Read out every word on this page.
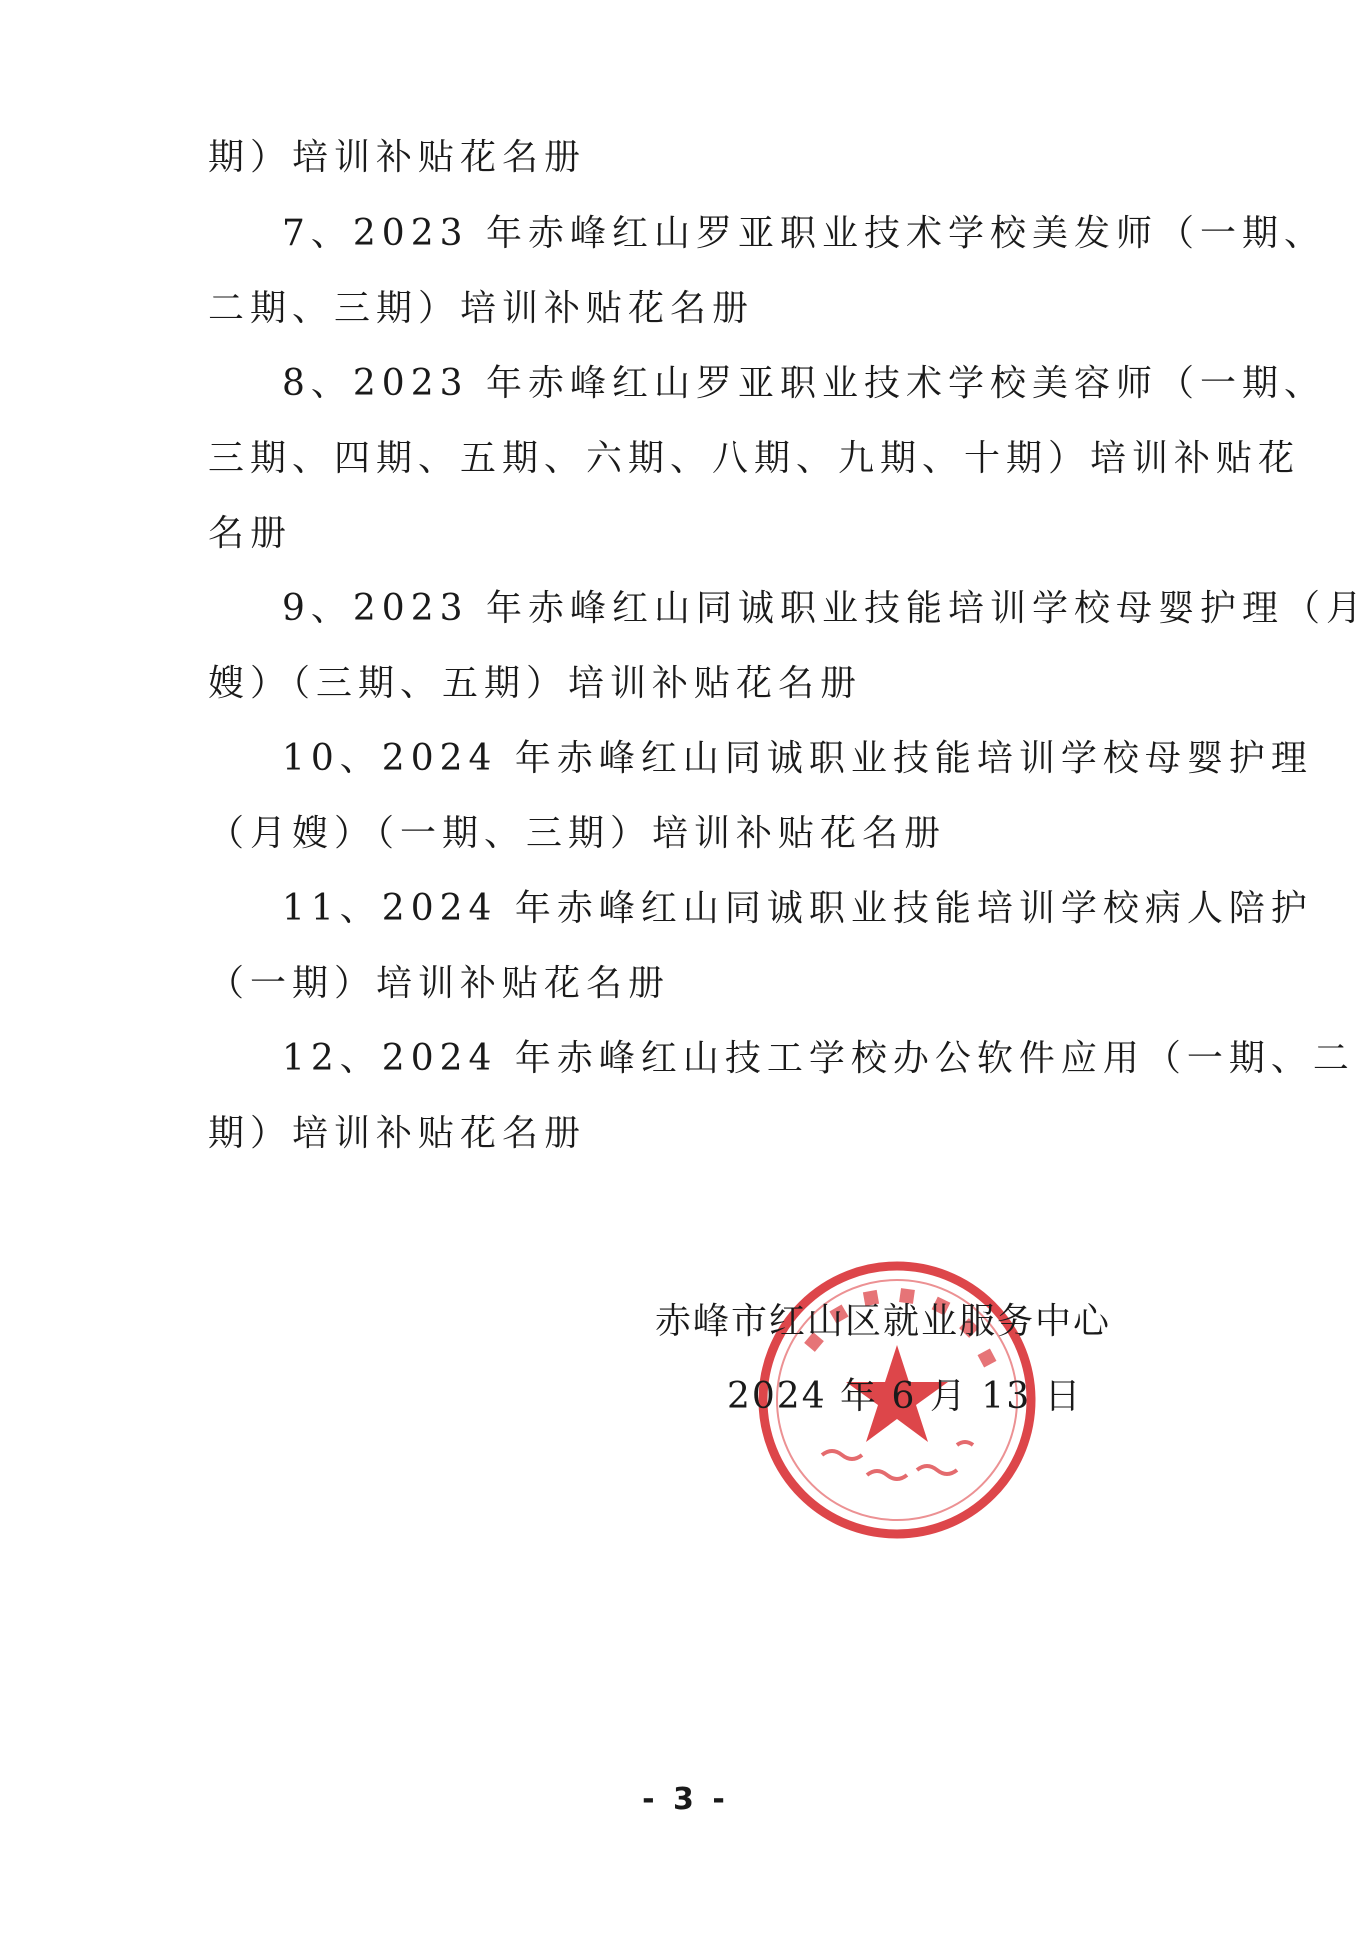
期）培训补贴花名册
7、2023 年赤峰红山罗亚职业技术学校美发师（一期、
二期、三期）培训补贴花名册
8、2023 年赤峰红山罗亚职业技术学校美容师（一期、
三期、四期、五期、六期、八期、九期、十期）培训补贴花
名册
9、2023 年赤峰红山同诚职业技能培训学校母婴护理（月
嫂）（三期、五期）培训补贴花名册
10、2024 年赤峰红山同诚职业技能培训学校母婴护理
（月嫂）（一期、三期）培训补贴花名册
11、2024 年赤峰红山同诚职业技能培训学校病人陪护
（一期）培训补贴花名册
12、2024 年赤峰红山技工学校办公软件应用（一期、二
期）培训补贴花名册
赤峰市红山区就业服务中心
2024 年 6 月 13 日
- 3 -
